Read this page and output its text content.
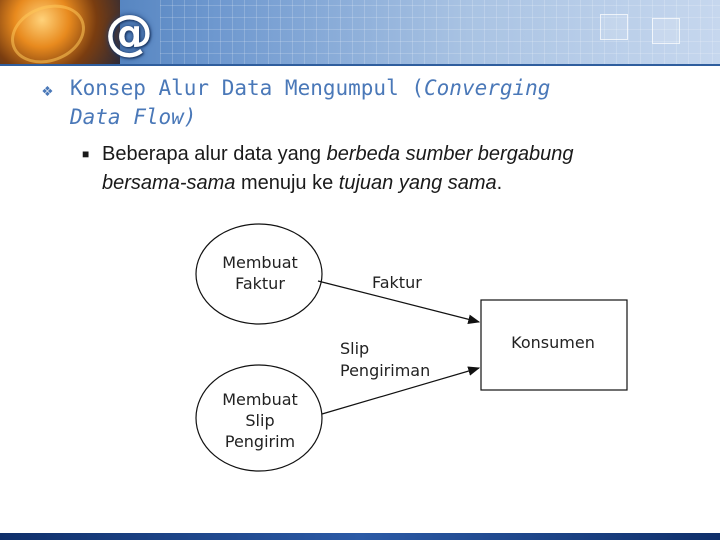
@
❖ Konsep Alur Data Mengumpul (Converging
Data Flow)
■ Beberapa alur data yang berbeda sumber bergabung
bersama-sama menuju ke tujuan yang sama.
Membuat
Faktur
Membuat
Slip
Pengirim
Konsumen
Faktur
Slip
Pengiriman
